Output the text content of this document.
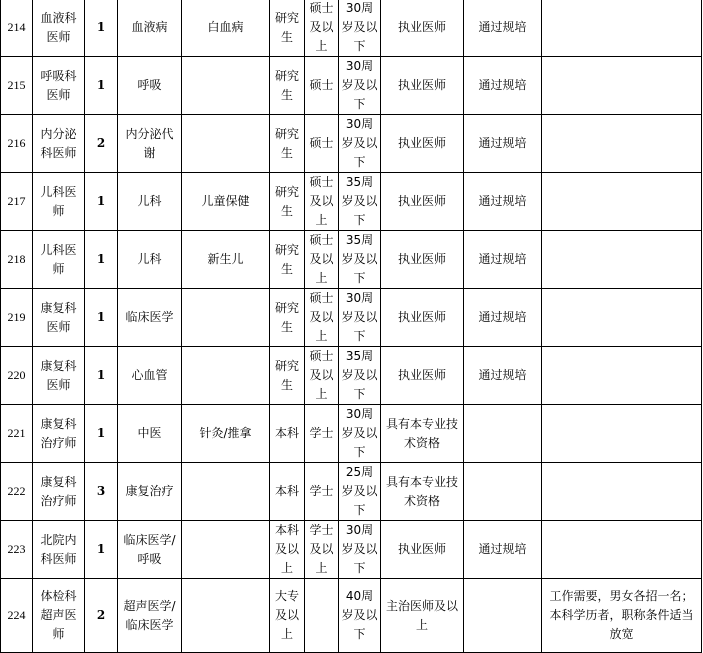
214	血液科医师	1	血液病	白血病	研究生	硕士及以上	30周岁及以下	执业医师	通过规培	
215	呼吸科医师	1	呼吸		研究生	硕士	30周岁及以下	执业医师	通过规培	
216	内分泌科医师	2	内分泌代谢		研究生	硕士	30周岁及以下	执业医师	通过规培	
217	儿科医师	1	儿科	儿童保健	研究生	硕士及以上	35周岁及以下	执业医师	通过规培	
218	儿科医师	1	儿科	新生儿	研究生	硕士及以上	35周岁及以下	执业医师	通过规培	
219	康复科医师	1	临床医学		研究生	硕士及以上	30周岁及以下	执业医师	通过规培	
220	康复科医师	1	心血管		研究生	硕士及以上	35周岁及以下	执业医师	通过规培	
221	康复科治疗师	1	中医	针灸/推拿	本科	学士	30周岁及以下	具有本专业技术资格		
222	康复科治疗师	3	康复治疗		本科	学士	25周岁及以下	具有本专业技术资格		
223	北院内科医师	1	临床医学/呼吸		本科及以上	学士及以上	30周岁及以下	执业医师	通过规培	
224	体检科超声医师	2	超声医学/临床医学		大专及以上		40周岁及以下	主治医师及以上		工作需要，男女各招一名；本科学历者，职称条件适当放宽
